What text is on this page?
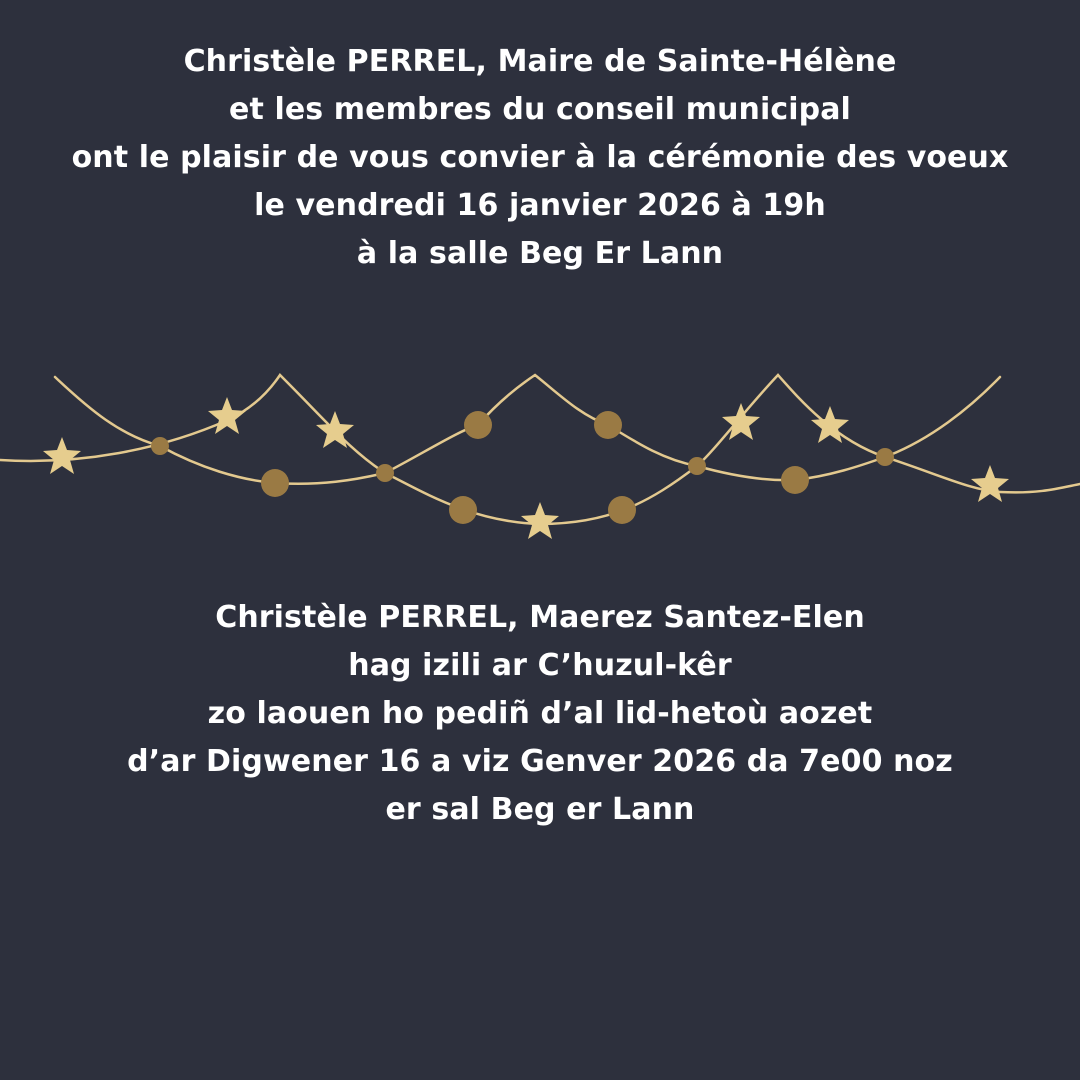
Christèle PERREL, Maire de Sainte-Hélène
et les membres du conseil municipal
ont le plaisir de vous convier à la cérémonie des voeux
le vendredi 16 janvier 2026 à 19h
à la salle Beg Er Lann
Christèle PERREL, Maerez Santez-Elen
hag izili ar C’huzul-kêr
zo laouen ho pediñ d’al lid-hetoù aozet
d’ar Digwener 16 a viz Genver 2026 da 7e00 noz
er sal Beg er Lann
